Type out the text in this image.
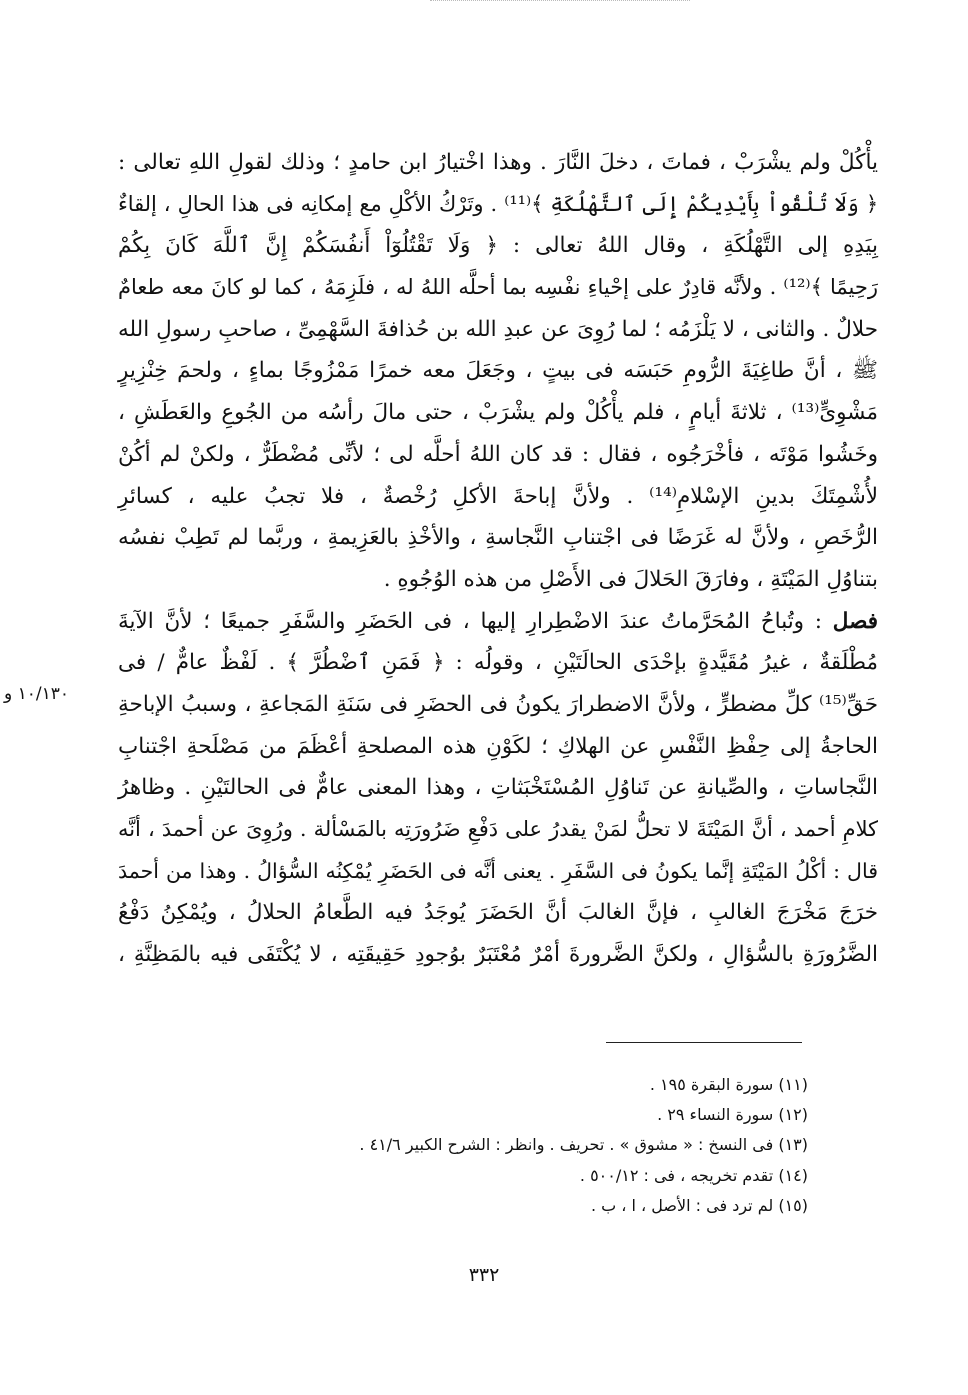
يأْكُلْ ولم يشْرَبْ ، فماتَ ، دخلَ النَّارَ . وهذا اخْتيارُ ابن حامدٍ ؛ وذلك لقولِ اللهِ تعالى :
﴿ وَلَا تُلْقُواْ بِأَيْدِيكُمْ إِلَى ٱلتَّهْلُكَةِ ﴾⁽¹¹⁾ . وتَرْكُ الأكْلِ مع إمكانِه فى هذا الحالِ ، إلقاءٌ
بِيَدِهِ إلى التَّهْلُكَةِ ، وقال اللهُ تعالى : ﴿ وَلَا تَقْتُلُوٓاْ أَنفُسَكُمْ إِنَّ ٱللَّهَ كَانَ بِكُمْ
رَحِيمًا ﴾⁽¹²⁾ . ولأنَّه قادِرٌ على إحْياءِ نفْسِه بما أحلَّه اللهُ له ، فلَزِمَهُ ، كما لو كانَ معه طعامٌ
حلالٌ . والثانى ، لا يَلْزَمُه ؛ لما رُوِىَ عن عبدِ الله بن حُذافةَ السَّهْمِىِّ ، صاحبِ رسولِ الله
ﷺ ، أنَّ طاغِيَةَ الرُّومِ حَبَسَه فى بيتٍ ، وجَعَلَ معه خمرًا مَمْزُوجًا بماءٍ ، ولحمَ خِنْزِيرٍ
مَشْوِىٍّ⁽¹³⁾ ، ثلاثةَ أيامٍ ، فلم يأْكُلْ ولم يشْرَبْ ، حتى مالَ رأسُه من الجُوعِ والعَطَشِ ،
وخَشُوا مَوْتَه ، فأخْرَجُوه ، فقال : قد كان اللهُ أحلَّه لى ؛ لأنِّى مُضْطَرٌّ ، ولكنْ لم أكُنْ
لأُشْمِتَكَ بدينِ الإسْلامِ⁽¹⁴⁾ . ولأنَّ إباحةَ الأكلِ رُخْصةٌ ، فلا تجبُ عليه ، كسائرِ
الرُّخَصِ ، ولأنَّ له غَرَضًا فى اجْتنابِ النَّجاسةِ ، والأخْذِ بالعَزِيمةِ ، وربَّما لم تَطِبْ نفسُه
بتناوُلِ المَيْتَةِ ، وفارَقَ الحَلالَ فى الأَصْلِ من هذه الوُجُوهِ .
فصل : وتُباحُ المُحَرَّماتُ عندَ الاضْطِرارِ إليها ، فى الحَضَرِ والسَّفَرِ جميعًا ؛ لأنَّ الآيةَ
مُطْلَقةٌ ، غيرُ مُقَيَّدةٍ بإحْدَى الحالَتَيْنِ ، وقولُه : ﴿ فَمَنِ ٱضْطُرَّ ﴾ . لَفْظٌ عامٌّ / فى
حَقِّ⁽¹⁵⁾ كلِّ مضطرٍّ ، ولأنَّ الاضطرارَ يكونُ فى الحضَرِ فى سَنَةِ المَجاعةِ ، وسببُ الإباحةِ
الحاجةُ إلى حِفْظِ النَّفْسِ عن الهلاكِ ؛ لكَوْنِ هذه المصلحةِ أعْظَمَ من مَصْلَحةِ اجْتنابِ
النَّجاساتِ ، والصِّيانةِ عن تَناوُلِ المُسْتَخْبَثاتِ ، وهذا المعنى عامٌّ فى الحالتَيْنِ . وظاهرُ
كلامِ أحمد ، أنَّ المَيْتَةَ لا تحلُّ لمَنْ يقدرُ على دَفْعِ ضَرُورَتِه بالمَسْألة . ورُوِىَ عن أحمدَ ، أنَّه
قال : أكْلُ المَيْتَةِ إنَّما يكونُ فى السَّفَرِ . يعنى أنَّه فى الحَضَرِ يُمْكِنُه السُّؤالُ . وهذا من أحمدَ
خرَجَ مَخْرَجَ الغالبِ ، فإنَّ الغالبَ أنَّ الحَضَرَ يُوجَدُ فيه الطَّعامُ الحلالُ ، ويُمْكِنُ دَفْعُ
الضَّرُورَةِ بالسُّؤالِ ، ولكنَّ الضَّرورةَ أمْرٌ مُعْتَبَرٌ بوُجودِ حَقِيقَتِه ، لا يُكْتَفَى فيه بالمَظِنَّةِ ،
١٠/١٣٠ و
(١١) سورة البقرة ١٩٥ .
(١٢) سورة النساء ٢٩ .
(١٣) فى النسخ : « مشوق » . تحريف . وانظر : الشرح الكبير ٤١/٦ .
(١٤) تقدم تخريجه ، فى : ٥٠٠/١٢ .
(١٥) لم ترد فى : الأصل ، ا ، ب .
٣٣٢
